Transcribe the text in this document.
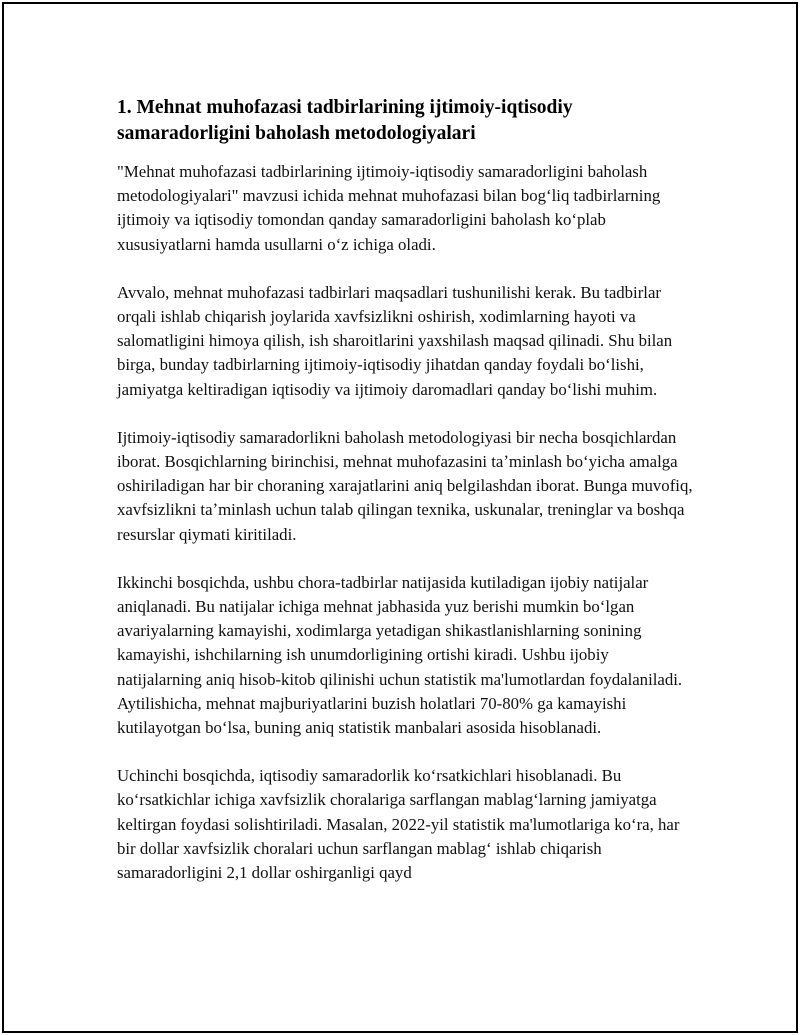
1. Mehnat muhofazasi tadbirlarining ijtimoiy-iqtisodiy samaradorligini baholash metodologiyalari

"Mehnat muhofazasi tadbirlarining ijtimoiy-iqtisodiy samaradorligini baholash metodologiyalari" mavzusi ichida mehnat muhofazasi bilan bogʻliq tadbirlarning ijtimoiy va iqtisodiy tomondan qanday samaradorligini baholash koʻplab xususiyatlarni hamda usullarni oʻz ichiga oladi.

Avvalo, mehnat muhofazasi tadbirlari maqsadlari tushunilishi kerak. Bu tadbirlar orqali ishlab chiqarish joylarida xavfsizlikni oshirish, xodimlarning hayoti va salomatligini himoya qilish, ish sharoitlarini yaxshilash maqsad qilinadi. Shu bilan birga, bunday tadbirlarning ijtimoiy-iqtisodiy jihatdan qanday foydali boʻlishi, jamiyatga keltiradigan iqtisodiy va ijtimoiy daromadlari qanday boʻlishi muhim.

Ijtimoiy-iqtisodiy samaradorlikni baholash metodologiyasi bir necha bosqichlardan iborat. Bosqichlarning birinchisi, mehnat muhofazasini taʼminlash boʻyicha amalga oshiriladigan har bir choraning xarajatlarini aniq belgilashdan iborat. Bunga muvofiq, xavfsizlikni taʼminlash uchun talab qilingan texnika, uskunalar, treninglar va boshqa resurslar qiymati kiritiladi.

Ikkinchi bosqichda, ushbu chora-tadbirlar natijasida kutiladigan ijobiy natijalar aniqlanadi. Bu natijalar ichiga mehnat jabhasida yuz berishi mumkin boʻlgan avariyalarning kamayishi, xodimlarga yetadigan shikastlanishlarning sonining kamayishi, ishchilarning ish unumdorligining ortishi kiradi. Ushbu ijobiy natijalarning aniq hisob-kitob qilinishi uchun statistik ma'lumotlardan foydalaniladi. Aytilishicha, mehnat majburiyatlarini buzish holatlari 70-80% ga kamayishi kutilayotgan boʻlsa, buning aniq statistik manbalari asosida hisoblanadi.

Uchinchi bosqichda, iqtisodiy samaradorlik koʻrsatkichlari hisoblanadi. Bu koʻrsatkichlar ichiga xavfsizlik choralariga sarflangan mablagʻlarning jamiyatga keltirgan foydasi solishtiriladi. Masalan, 2022-yil statistik ma'lumotlariga koʻra, har bir dollar xavfsizlik choralari uchun sarflangan mablagʻ ishlab chiqarish samaradorligini 2,1 dollar oshirganligi qayd
